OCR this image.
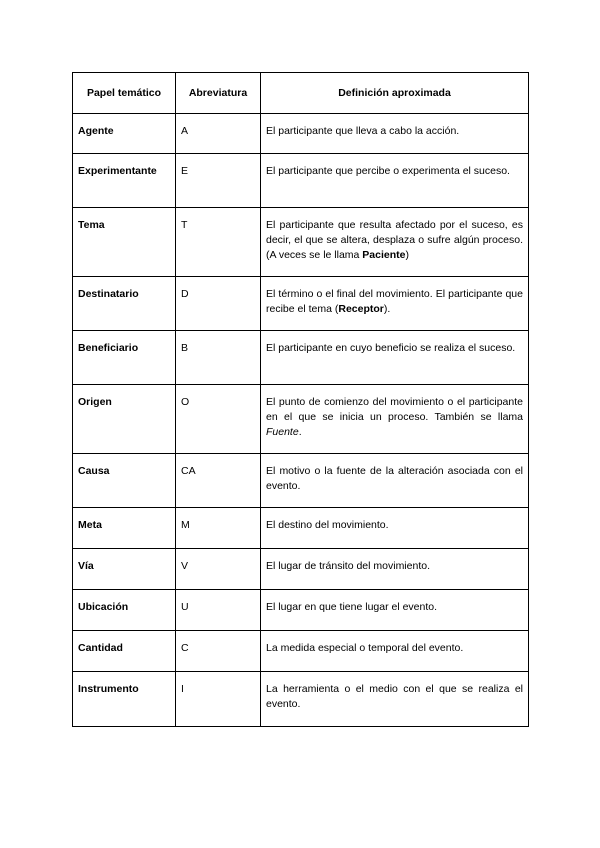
Papel temático	Abreviatura	Definición aproximada
Agente	A	El participante que lleva a cabo la acción.
Experimentante	E	El participante que percibe o experimenta el suceso.
Tema	T	El participante que resulta afectado por el suceso, es decir, el que se altera, desplaza o sufre algún proceso. (A veces se le llama Paciente)
Destinatario	D	El término o el final del movimiento. El participante que recibe el tema (Receptor).
Beneficiario	B	El participante en cuyo beneficio se realiza el suceso.
Origen	O	El punto de comienzo del movimiento o el participante en el que se inicia un proceso. También se llama Fuente.
Causa	CA	El motivo o la fuente de la alteración asociada con el evento.
Meta	M	El destino del movimiento.
Vía	V	El lugar de tránsito del movimiento.
Ubicación	U	El lugar en que tiene lugar el evento.
Cantidad	C	La medida especial o temporal del evento.
Instrumento	I	La herramienta o el medio con el que se realiza el evento.
